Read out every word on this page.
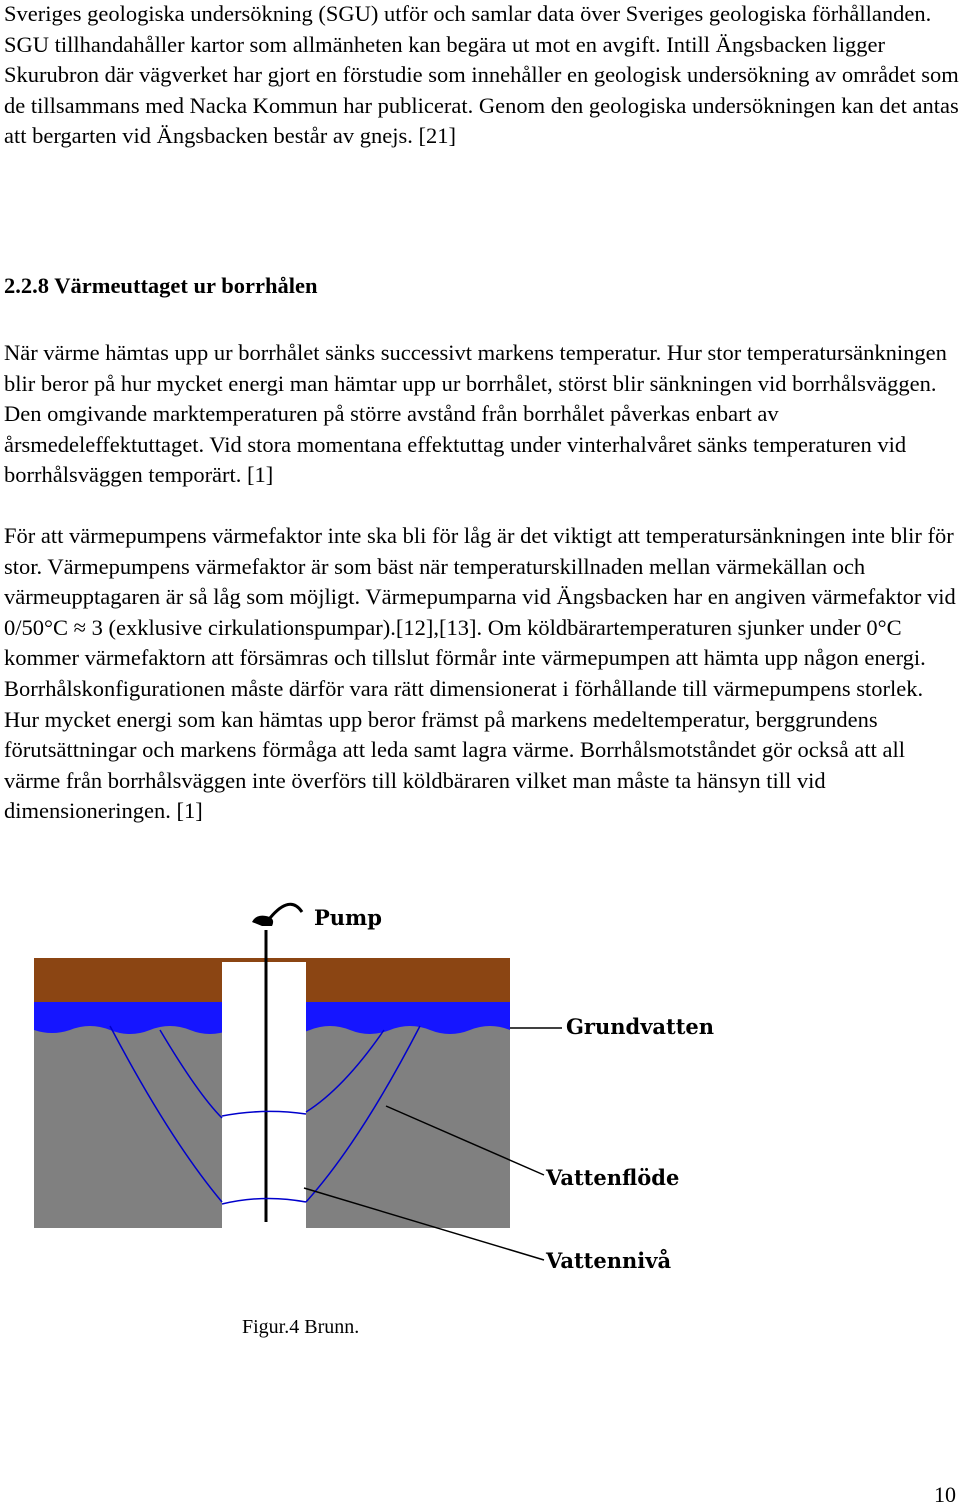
Sveriges geologiska undersökning (SGU) utför och samlar data över Sveriges geologiska förhållanden. SGU tillhandahåller kartor som allmänheten kan begära ut mot en avgift. Intill Ängsbacken ligger Skurubron där vägverket har gjort en förstudie som innehåller en geologisk undersökning av området som de tillsammans med Nacka Kommun har publicerat. Genom den geologiska undersökningen kan det antas att bergarten vid Ängsbacken består av gnejs. [21]

2.2.8 Värmeuttaget ur borrhålen

När värme hämtas upp ur borrhålet sänks successivt markens temperatur. Hur stor temperatursänkningen blir beror på hur mycket energi man hämtar upp ur borrhålet, störst blir sänkningen vid borrhålsväggen. Den omgivande marktemperaturen på större avstånd från borrhålet påverkas enbart av årsmedeleffektuttaget. Vid stora momentana effektuttag under vinterhalvåret sänks temperaturen vid borrhålsväggen temporärt. [1]

För att värmepumpens värmefaktor inte ska bli för låg är det viktigt att temperatursänkningen inte blir för stor. Värmepumpens värmefaktor är som bäst när temperaturskillnaden mellan värmekällan och värmeupptagaren är så låg som möjligt. Värmepumparna vid Ängsbacken har en angiven värmefaktor vid 0/50°C ≈ 3 (exklusive cirkulationspumpar).[12],[13]. Om köldbärartemperaturen sjunker under 0°C kommer värmefaktorn att försämras och tillslut förmår inte värmepumpen att hämta upp någon energi. Borrhålskonfigurationen måste därför vara rätt dimensionerat i förhållande till värmepumpens storlek. Hur mycket energi som kan hämtas upp beror främst på markens medeltemperatur, berggrundens förutsättningar och markens förmåga att leda samt lagra värme. Borrhålsmotståndet gör också att all värme från borrhålsväggen inte överförs till köldbäraren vilket man måste ta hänsyn till vid dimensioneringen. [1]

Pump
Grundvatten
Vattenflöde
Vattennivå
Figur.4 Brunn.
10
